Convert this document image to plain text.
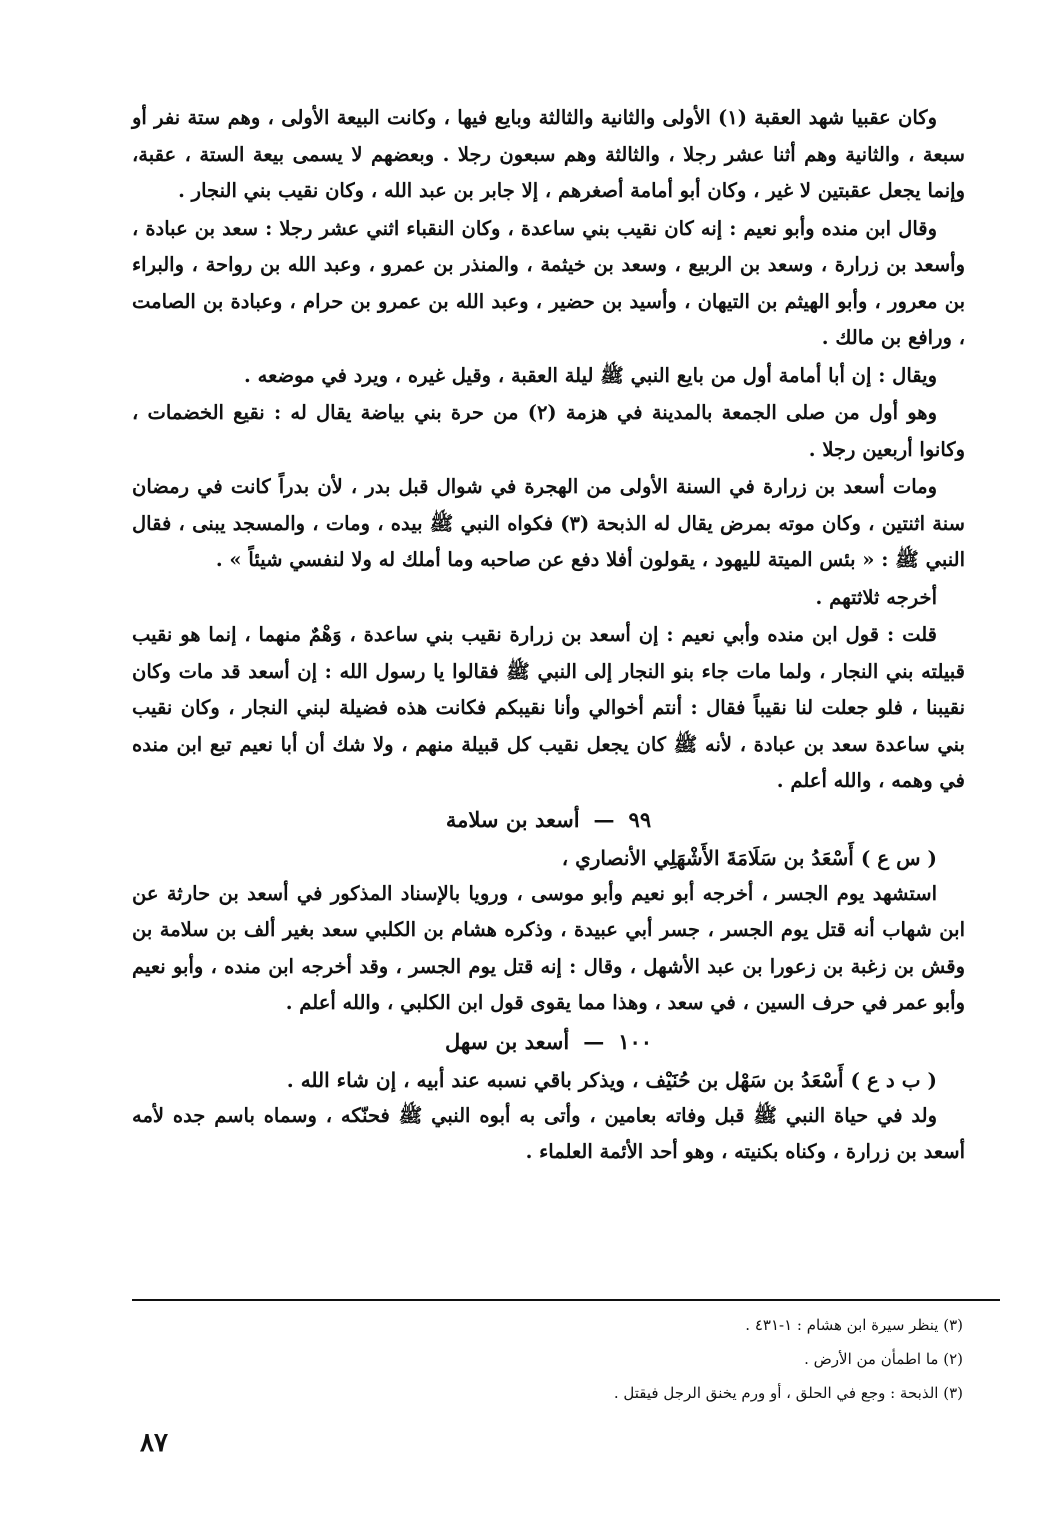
وكان عقبيا شهد العقبة (١) الأولى والثانية والثالثة وبايع فيها ، وكانت البيعة الأولى ، وهم ستة نفر أو سبعة ، والثانية وهم أثنا عشر رجلا ، والثالثة وهم سبعون رجلا . وبعضهم لا يسمى بيعة الستة ، عقبة، وإنما يجعل عقبتين لا غير ، وكان أبو أمامة أصغرهم ، إلا جابر بن عبد الله ، وكان نقيب بني النجار .

وقال ابن منده وأبو نعيم : إنه كان نقيب بني ساعدة ، وكان النقباء اثني عشر رجلا : سعد بن عبادة ، وأسعد بن زرارة ، وسعد بن الربيع ، وسعد بن خيثمة ، والمنذر بن عمرو ، وعبد الله بن رواحة ، والبراء بن معرور ، وأبو الهيثم بن التيهان ، وأسيد بن حضير ، وعبد الله بن عمرو بن حرام ، وعبادة بن الصامت ، ورافع بن مالك .

ويقال : إن أبا أمامة أول من بايع النبي ﷺ ليلة العقبة ، وقيل غيره ، ويرد في موضعه .

وهو أول من صلى الجمعة بالمدينة في هزمة (٢) من حرة بني بياضة يقال له : نقيع الخضمات ، وكانوا أربعين رجلا .

ومات أسعد بن زرارة في السنة الأولى من الهجرة في شوال قبل بدر ، لأن بدراً كانت في رمضان سنة اثنتين ، وكان موته بمرض يقال له الذبحة (٣) فكواه النبي ﷺ بيده ، ومات ، والمسجد يبنى ، فقال النبي ﷺ : « بئس الميتة لليهود ، يقولون أفلا دفع عن صاحبه وما أملك له ولا لنفسي شيئاً » .

أخرجه ثلاثتهم .

قلت : قول ابن منده وأبي نعيم : إن أسعد بن زرارة نقيب بني ساعدة ، وَهْمٌ منهما ، إنما هو نقيب قبيلته بني النجار ، ولما مات جاء بنو النجار إلى النبي ﷺ فقالوا يا رسول الله : إن أسعد قد مات وكان نقيبنا ، فلو جعلت لنا نقيباً فقال : أنتم أخوالي وأنا نقيبكم فكانت هذه فضيلة لبني النجار ، وكان نقيب بني ساعدة سعد بن عبادة ، لأنه ﷺ كان يجعل نقيب كل قبيلة منهم ، ولا شك أن أبا نعيم تبع ابن منده في وهمه ، والله أعلم .

٩٩—أسعد بن سلامة

( س ع ) أَسْعَدُ بن سَلَامَةَ الأَشْهَلِي الأنصاري ،

استشهد يوم الجسر ، أخرجه أبو نعيم وأبو موسى ، ورويا بالإسناد المذكور في أسعد بن حارثة عن ابن شهاب أنه قتل يوم الجسر ، جسر أبي عبيدة ، وذكره هشام بن الكلبي سعد بغير ألف بن سلامة بن وقش بن زغبة بن زعورا بن عبد الأشهل ، وقال : إنه قتل يوم الجسر ، وقد أخرجه ابن منده ، وأبو نعيم وأبو عمر في حرف السين ، في سعد ، وهذا مما يقوى قول ابن الكلبي ، والله أعلم .

١٠٠—أسعد بن سهل

( ب د ع ) أَسْعَدُ بن سَهْل بن حُنَيْف ، ويذكر باقي نسبه عند أبيه ، إن شاء الله .

ولد في حياة النبي ﷺ قبل وفاته بعامين ، وأتى به أبوه النبي ﷺ فحنّكه ، وسماه باسم جده لأمه أسعد بن زرارة ، وكناه بكنيته ، وهو أحد الأئمة العلماء .

(٣) ينظر سيرة ابن هشام : ١-٤٣١ .

(٢) ما اطمأن من الأرض .

(٣) الذبحة : وجع في الحلق ، أو ورم يخنق الرجل فيقتل .

٨٧
